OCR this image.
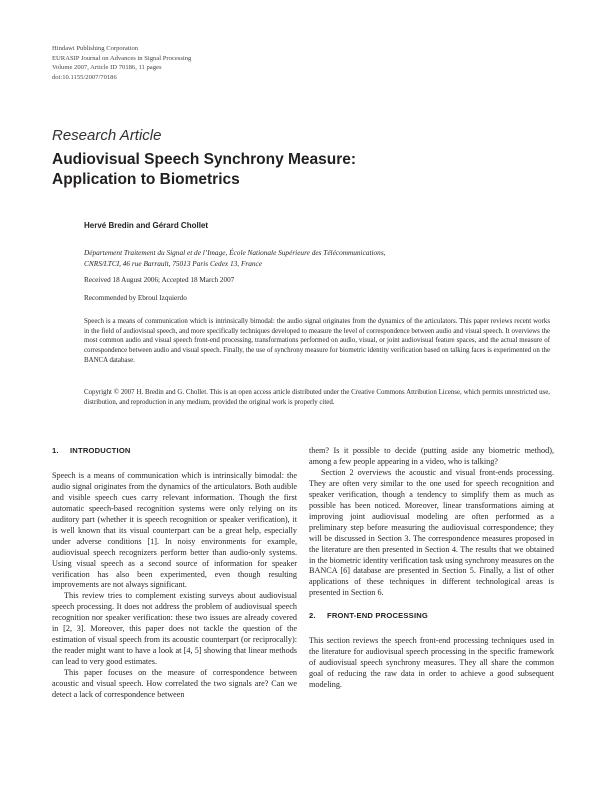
Hindawi Publishing Corporation
EURASIP Journal on Advances in Signal Processing
Volume 2007, Article ID 70186, 11 pages
doi:10.1155/2007/70186
Research Article
Audiovisual Speech Synchrony Measure:
Application to Biometrics
Hervé Bredin and Gérard Chollet
Département Traitement du Signal et de l’Image, École Nationale Supérieure des Télécommunications,
CNRS/LTCI, 46 rue Barrault, 75013 Paris Cedex 13, France
Received 18 August 2006; Accepted 18 March 2007
Recommended by Ebroul Izquierdo

Speech is a means of communication which is intrinsically bimodal: the audio signal originates from the dynamics of the articulators. This paper reviews recent works in the field of audiovisual speech, and more specifically techniques developed to measure the level of correspondence between audio and visual speech. It overviews the most common audio and visual speech front-end processing, transformations performed on audio, visual, or joint audiovisual feature spaces, and the actual measure of correspondence between audio and visual speech. Finally, the use of synchrony measure for biometric identity verification based on talking faces is experimented on the BANCA database.

Copyright © 2007 H. Bredin and G. Chollet. This is an open access article distributed under the Creative Commons Attribution License, which permits unrestricted use, distribution, and reproduction in any medium, provided the original work is properly cited.

1. INTRODUCTION

Speech is a means of communication which is intrinsically bimodal: the audio signal originates from the dynamics of the articulators. Both audible and visible speech cues carry relevant information. Though the first automatic speech-based recognition systems were only relying on its auditory part (whether it is speech recognition or speaker verification), it is well known that its visual counterpart can be a great help, especially under adverse conditions [1]. In noisy environments for example, audiovisual speech recognizers perform better than audio-only systems. Using visual speech as a second source of information for speaker verification has also been experimented, even though resulting improvements are not always significant.

This review tries to complement existing surveys about audiovisual speech processing. It does not address the problem of audiovisual speech recognition nor speaker verification: these two issues are already covered in [2, 3]. Moreover, this paper does not tackle the question of the estimation of visual speech from its acoustic counterpart (or reciprocally): the reader might want to have a look at [4, 5] showing that linear methods can lead to very good estimates.

This paper focuses on the measure of correspondence between acoustic and visual speech. How correlated the two signals are? Can we detect a lack of correspondence between

them? Is it possible to decide (putting aside any biometric method), among a few people appearing in a video, who is talking?

Section 2 overviews the acoustic and visual front-ends processing. They are often very similar to the one used for speech recognition and speaker verification, though a tendency to simplify them as much as possible has been noticed. Moreover, linear transformations aiming at improving joint audiovisual modeling are often performed as a preliminary step before measuring the audiovisual correspondence; they will be discussed in Section 3. The correspondence measures proposed in the literature are then presented in Section 4. The results that we obtained in the biometric identity verification task using synchrony measures on the BANCA [6] database are presented in Section 5. Finally, a list of other applications of these techniques in different technological areas is presented in Section 6.

2. FRONT-END PROCESSING

This section reviews the speech front-end processing techniques used in the literature for audiovisual speech processing in the specific framework of audiovisual speech synchrony measures. They all share the common goal of reducing the raw data in order to achieve a good subsequent modeling.
